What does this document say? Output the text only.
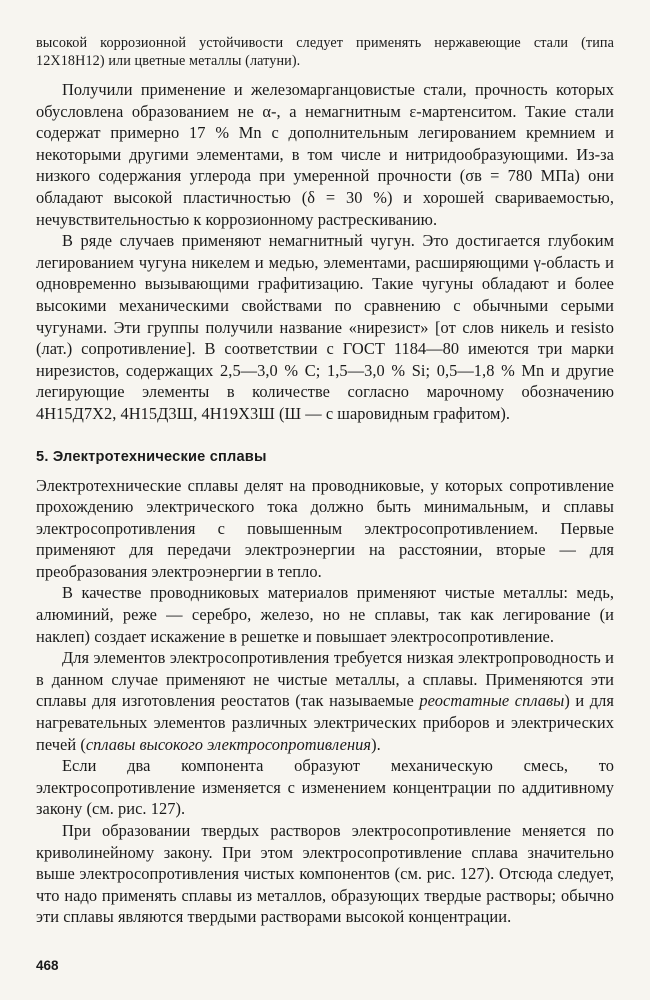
высокой коррозионной устойчивости следует применять нержавеющие стали (типа 12Х18Н12) или цветные металлы (латуни).

Получили применение и железомарганцовистые стали, прочность которых обусловлена образованием не α-, а немагнитным ε-мартенситом. Такие стали содержат примерно 17 % Mn с дополнительным легированием кремнием и некоторыми другими элементами, в том числе и нитридообразующими. Из-за низкого содержания углерода при умеренной прочности (σв = 780 МПа) они обладают высокой пластичностью (δ = 30 %) и хорошей свариваемостью, нечувствительностью к коррозионному растрескиванию.

В ряде случаев применяют немагнитный чугун. Это достигается глубоким легированием чугуна никелем и медью, элементами, расширяющими γ-область и одновременно вызывающими графитизацию. Такие чугуны обладают и более высокими механическими свойствами по сравнению с обычными серыми чугунами. Эти группы получили название «нирезист» [от слов никель и resisto (лат.) сопротивление]. В соответствии с ГОСТ 1184—80 имеются три марки нирезистов, содержащих 2,5—3,0 % С; 1,5—3,0 % Si; 0,5—1,8 % Mn и другие легирующие элементы в количестве согласно марочному обозначению 4Н15Д7Х2, 4Н15Д3Ш, 4Н19Х3Ш (Ш — с шаровидным графитом).

5. Электротехнические сплавы

Электротехнические сплавы делят на проводниковые, у которых сопротивление прохождению электрического тока должно быть минимальным, и сплавы электросопротивления с повышенным электросопротивлением. Первые применяют для передачи электроэнергии на расстоянии, вторые — для преобразования электроэнергии в тепло.

В качестве проводниковых материалов применяют чистые металлы: медь, алюминий, реже — серебро, железо, но не сплавы, так как легирование (и наклеп) создает искажение в решетке и повышает электросопротивление.

Для элементов электросопротивления требуется низкая электропроводность и в данном случае применяют не чистые металлы, а сплавы. Применяются эти сплавы для изготовления реостатов (так называемые реостатные сплавы) и для нагревательных элементов различных электрических приборов и электрических печей (сплавы высокого электросопротивления).

Если два компонента образуют механическую смесь, то электросопротивление изменяется с изменением концентрации по аддитивному закону (см. рис. 127).

При образовании твердых растворов электросопротивление меняется по криволинейному закону. При этом электросопротивление сплава значительно выше электросопротивления чистых компонентов (см. рис. 127). Отсюда следует, что надо применять сплавы из металлов, образующих твердые растворы; обычно эти сплавы являются твердыми растворами высокой концентрации.

468
